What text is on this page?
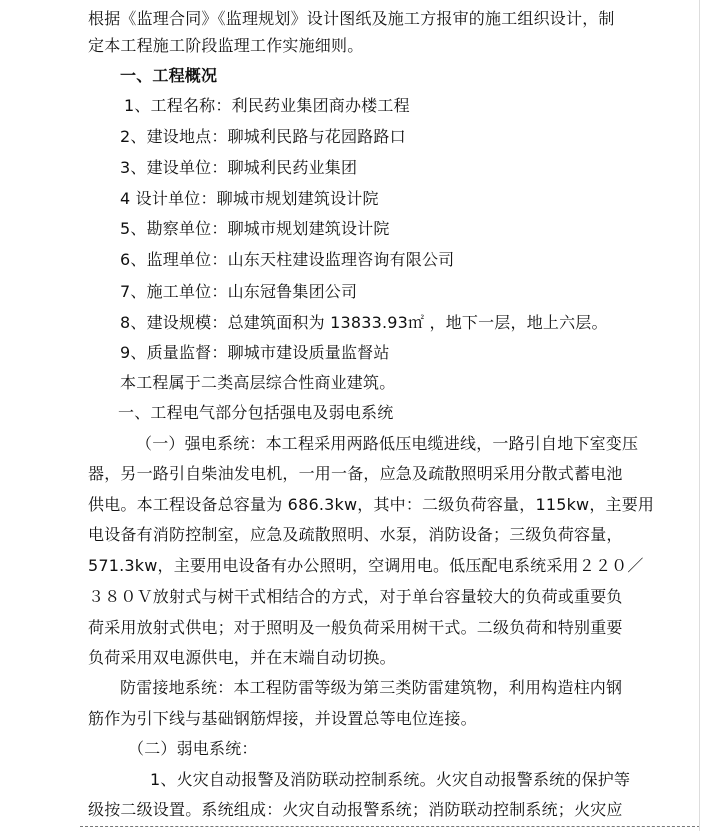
根据《监理合同》《监理规划》设计图纸及施工方报审的施工组织设计，制
定本工程施工阶段监理工作实施细则。
一、工程概况
1、工程名称：利民药业集团商办楼工程
2、建设地点：聊城利民路与花园路路口
3、建设单位：聊城利民药业集团
4 设计单位：聊城市规划建筑设计院
5、勘察单位：聊城市规划建筑设计院
6、监理单位：山东天柱建设监理咨询有限公司
7、施工单位：山东冠鲁集团公司
8、建设规模：总建筑面积为 13833.93㎡ ，地下一层，地上六层。
9、质量监督：聊城市建设质量监督站
本工程属于二类高层综合性商业建筑。
一、工程电气部分包括强电及弱电系统
（一）强电系统：本工程采用两路低压电缆进线，一路引自地下室变压
器，另一路引自柴油发电机，一用一备，应急及疏散照明采用分散式蓄电池
供电。本工程设备总容量为 686.3kw，其中：二级负荷容量，115kw，主要用
电设备有消防控制室，应急及疏散照明、水泵，消防设备；三级负荷容量，
571.3kw，主要用电设备有办公照明，空调用电。低压配电系统采用２２０／
３８０Ｖ放射式与树干式相结合的方式，对于单台容量较大的负荷或重要负
荷采用放射式供电；对于照明及一般负荷采用树干式。二级负荷和特别重要
负荷采用双电源供电，并在末端自动切换。
防雷接地系统：本工程防雷等级为第三类防雷建筑物，利用构造柱内钢
筋作为引下线与基础钢筋焊接，并设置总等电位连接。
（二）弱电系统：
1、火灾自动报警及消防联动控制系统。火灾自动报警系统的保护等
级按二级设置。系统组成：火灾自动报警系统；消防联动控制系统；火灾应
